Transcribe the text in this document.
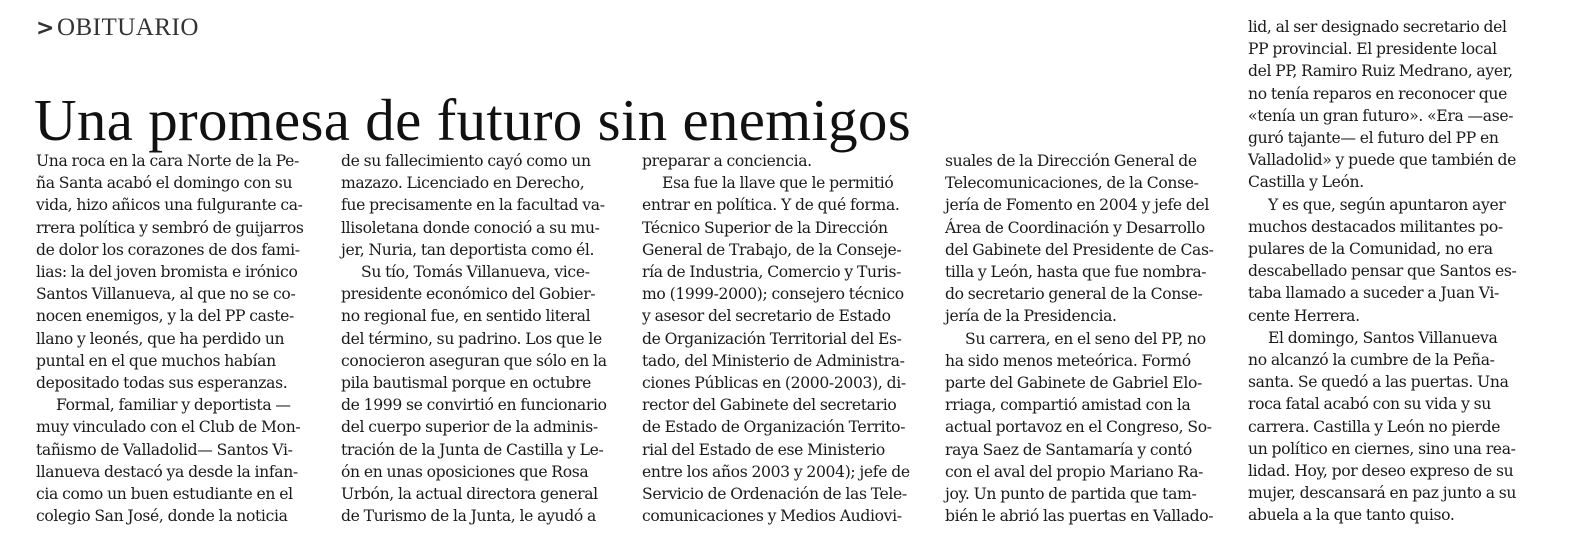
>OBITUARIO
Una promesa de futuro sin enemigos
Una roca en la cara Norte de la Pe-
ña Santa acabó el domingo con su
vida, hizo añicos una fulgurante ca-
rrera política y sembró de guijarros
de dolor los corazones de dos fami-
lias: la del joven bromista e irónico
Santos Villanueva, al que no se co-
nocen enemigos, y la del PP caste-
llano y leonés, que ha perdido un
puntal en el que muchos habían
depositado todas sus esperanzas.
Formal, familiar y deportista —
muy vinculado con el Club de Mon-
tañismo de Valladolid— Santos Vi-
llanueva destacó ya desde la infan-
cia como un buen estudiante en el
colegio San José, donde la noticia
de su fallecimiento cayó como un
mazazo. Licenciado en Derecho,
fue precisamente en la facultad va-
llisoletana donde conoció a su mu-
jer, Nuria, tan deportista como él.
Su tío, Tomás Villanueva, vice-
presidente económico del Gobier-
no regional fue, en sentido literal
del término, su padrino. Los que le
conocieron aseguran que sólo en la
pila bautismal porque en octubre
de 1999 se convirtió en funcionario
del cuerpo superior de la adminis-
tración de la Junta de Castilla y Le-
ón en unas oposiciones que Rosa
Urbón, la actual directora general
de Turismo de la Junta, le ayudó a
preparar a conciencia.
Esa fue la llave que le permitió
entrar en política. Y de qué forma.
Técnico Superior de la Dirección
General de Trabajo, de la Conseje-
ría de Industria, Comercio y Turis-
mo (1999-2000); consejero técnico
y asesor del secretario de Estado
de Organización Territorial del Es-
tado, del Ministerio de Administra-
ciones Públicas en (2000-2003), di-
rector del Gabinete del secretario
de Estado de Organización Territo-
rial del Estado de ese Ministerio
entre los años 2003 y 2004); jefe de
Servicio de Ordenación de las Tele-
comunicaciones y Medios Audiovi-
suales de la Dirección General de
Telecomunicaciones, de la Conse-
jería de Fomento en 2004 y jefe del
Área de Coordinación y Desarrollo
del Gabinete del Presidente de Cas-
tilla y León, hasta que fue nombra-
do secretario general de la Conse-
jería de la Presidencia.
Su carrera, en el seno del PP, no
ha sido menos meteórica. Formó
parte del Gabinete de Gabriel Elo-
rriaga, compartió amistad con la
actual portavoz en el Congreso, So-
raya Saez de Santamaría y contó
con el aval del propio Mariano Ra-
joy. Un punto de partida que tam-
bién le abrió las puertas en Vallado-
lid, al ser designado secretario del
PP provincial. El presidente local
del PP, Ramiro Ruiz Medrano, ayer,
no tenía reparos en reconocer que
«tenía un gran futuro». «Era —ase-
guró tajante— el futuro del PP en
Valladolid» y puede que también de
Castilla y León.
Y es que, según apuntaron ayer
muchos destacados militantes po-
pulares de la Comunidad, no era
descabellado pensar que Santos es-
taba llamado a suceder a Juan Vi-
cente Herrera.
El domingo, Santos Villanueva
no alcanzó la cumbre de la Peña-
santa. Se quedó a las puertas. Una
roca fatal acabó con su vida y su
carrera. Castilla y León no pierde
un político en ciernes, sino una rea-
lidad. Hoy, por deseo expreso de su
mujer, descansará en paz junto a su
abuela a la que tanto quiso.
